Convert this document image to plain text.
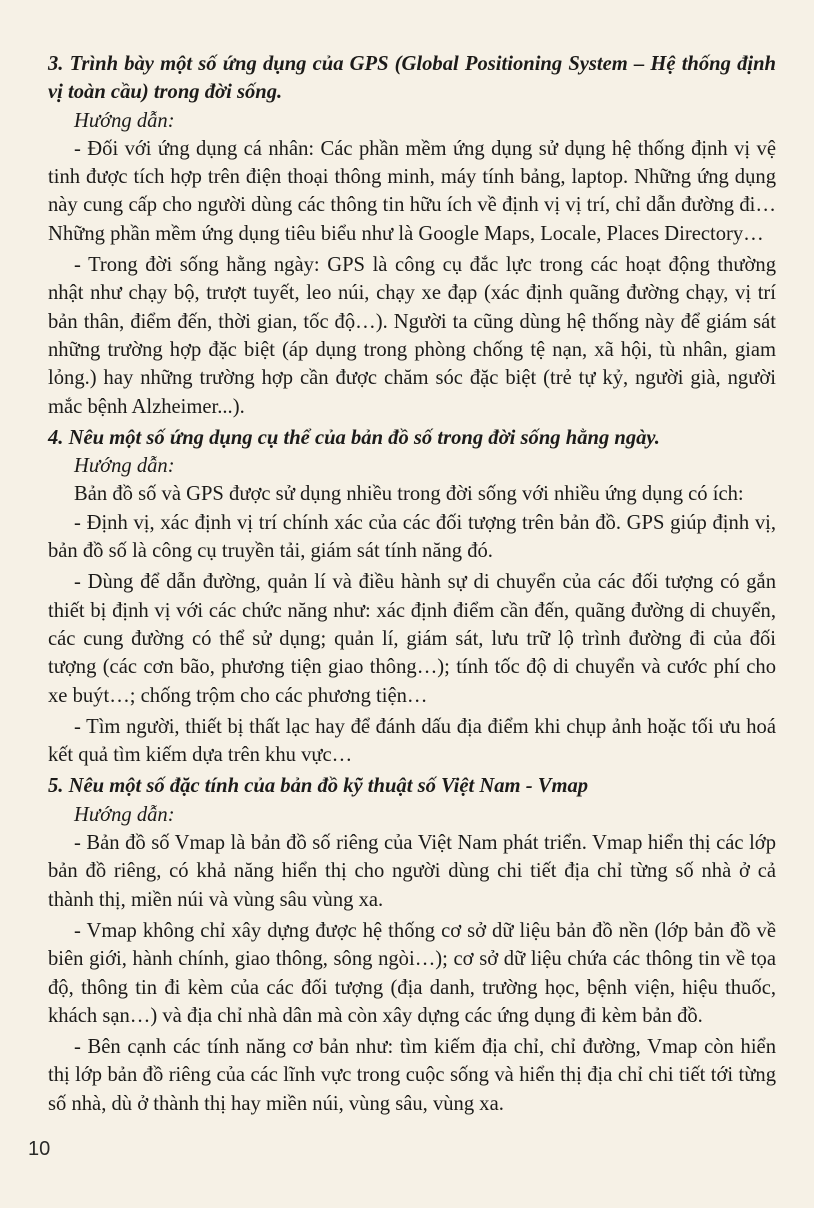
3. Trình bày một số ứng dụng của GPS (Global Positioning System – Hệ thống định vị toàn cầu) trong đời sống.

Hướng dẫn:

- Đối với ứng dụng cá nhân: Các phần mềm ứng dụng sử dụng hệ thống định vị vệ tinh được tích hợp trên điện thoại thông minh, máy tính bảng, laptop. Những ứng dụng này cung cấp cho người dùng các thông tin hữu ích về định vị vị trí, chỉ dẫn đường đi… Những phần mềm ứng dụng tiêu biểu như là Google Maps, Locale, Places Directory…

- Trong đời sống hằng ngày: GPS là công cụ đắc lực trong các hoạt động thường nhật như chạy bộ, trượt tuyết, leo núi, chạy xe đạp (xác định quãng đường chạy, vị trí bản thân, điểm đến, thời gian, tốc độ…). Người ta cũng dùng hệ thống này để giám sát những trường hợp đặc biệt (áp dụng trong phòng chống tệ nạn, xã hội, tù nhân, giam lỏng.) hay những trường hợp cần được chăm sóc đặc biệt (trẻ tự kỷ, người già, người mắc bệnh Alzheimer...).

4. Nêu một số ứng dụng cụ thể của bản đồ số trong đời sống hằng ngày.

Hướng dẫn:

Bản đồ số và GPS được sử dụng nhiều trong đời sống với nhiều ứng dụng có ích:

- Định vị, xác định vị trí chính xác của các đối tượng trên bản đồ. GPS giúp định vị, bản đồ số là công cụ truyền tải, giám sát tính năng đó.

- Dùng để dẫn đường, quản lí và điều hành sự di chuyển của các đối tượng có gắn thiết bị định vị với các chức năng như: xác định điểm cần đến, quãng đường di chuyển, các cung đường có thể sử dụng; quản lí, giám sát, lưu trữ lộ trình đường đi của đối tượng (các cơn bão, phương tiện giao thông…); tính tốc độ di chuyển và cước phí cho xe buýt…; chống trộm cho các phương tiện…

- Tìm người, thiết bị thất lạc hay để đánh dấu địa điểm khi chụp ảnh hoặc tối ưu hoá kết quả tìm kiếm dựa trên khu vực…

5. Nêu một số đặc tính của bản đồ kỹ thuật số Việt Nam - Vmap

Hướng dẫn:

- Bản đồ số Vmap là bản đồ số riêng của Việt Nam phát triển. Vmap hiển thị các lớp bản đồ riêng, có khả năng hiển thị cho người dùng chi tiết địa chỉ từng số nhà ở cả thành thị, miền núi và vùng sâu vùng xa.

- Vmap không chỉ xây dựng được hệ thống cơ sở dữ liệu bản đồ nền (lớp bản đồ về biên giới, hành chính, giao thông, sông ngòi…); cơ sở dữ liệu chứa các thông tin về tọa độ, thông tin đi kèm của các đối tượng (địa danh, trường học, bệnh viện, hiệu thuốc, khách sạn…) và địa chỉ nhà dân mà còn xây dựng các ứng dụng đi kèm bản đồ.

- Bên cạnh các tính năng cơ bản như: tìm kiếm địa chỉ, chỉ đường, Vmap còn hiển thị lớp bản đồ riêng của các lĩnh vực trong cuộc sống và hiển thị địa chỉ chi tiết tới từng số nhà, dù ở thành thị hay miền núi, vùng sâu, vùng xa.

10
